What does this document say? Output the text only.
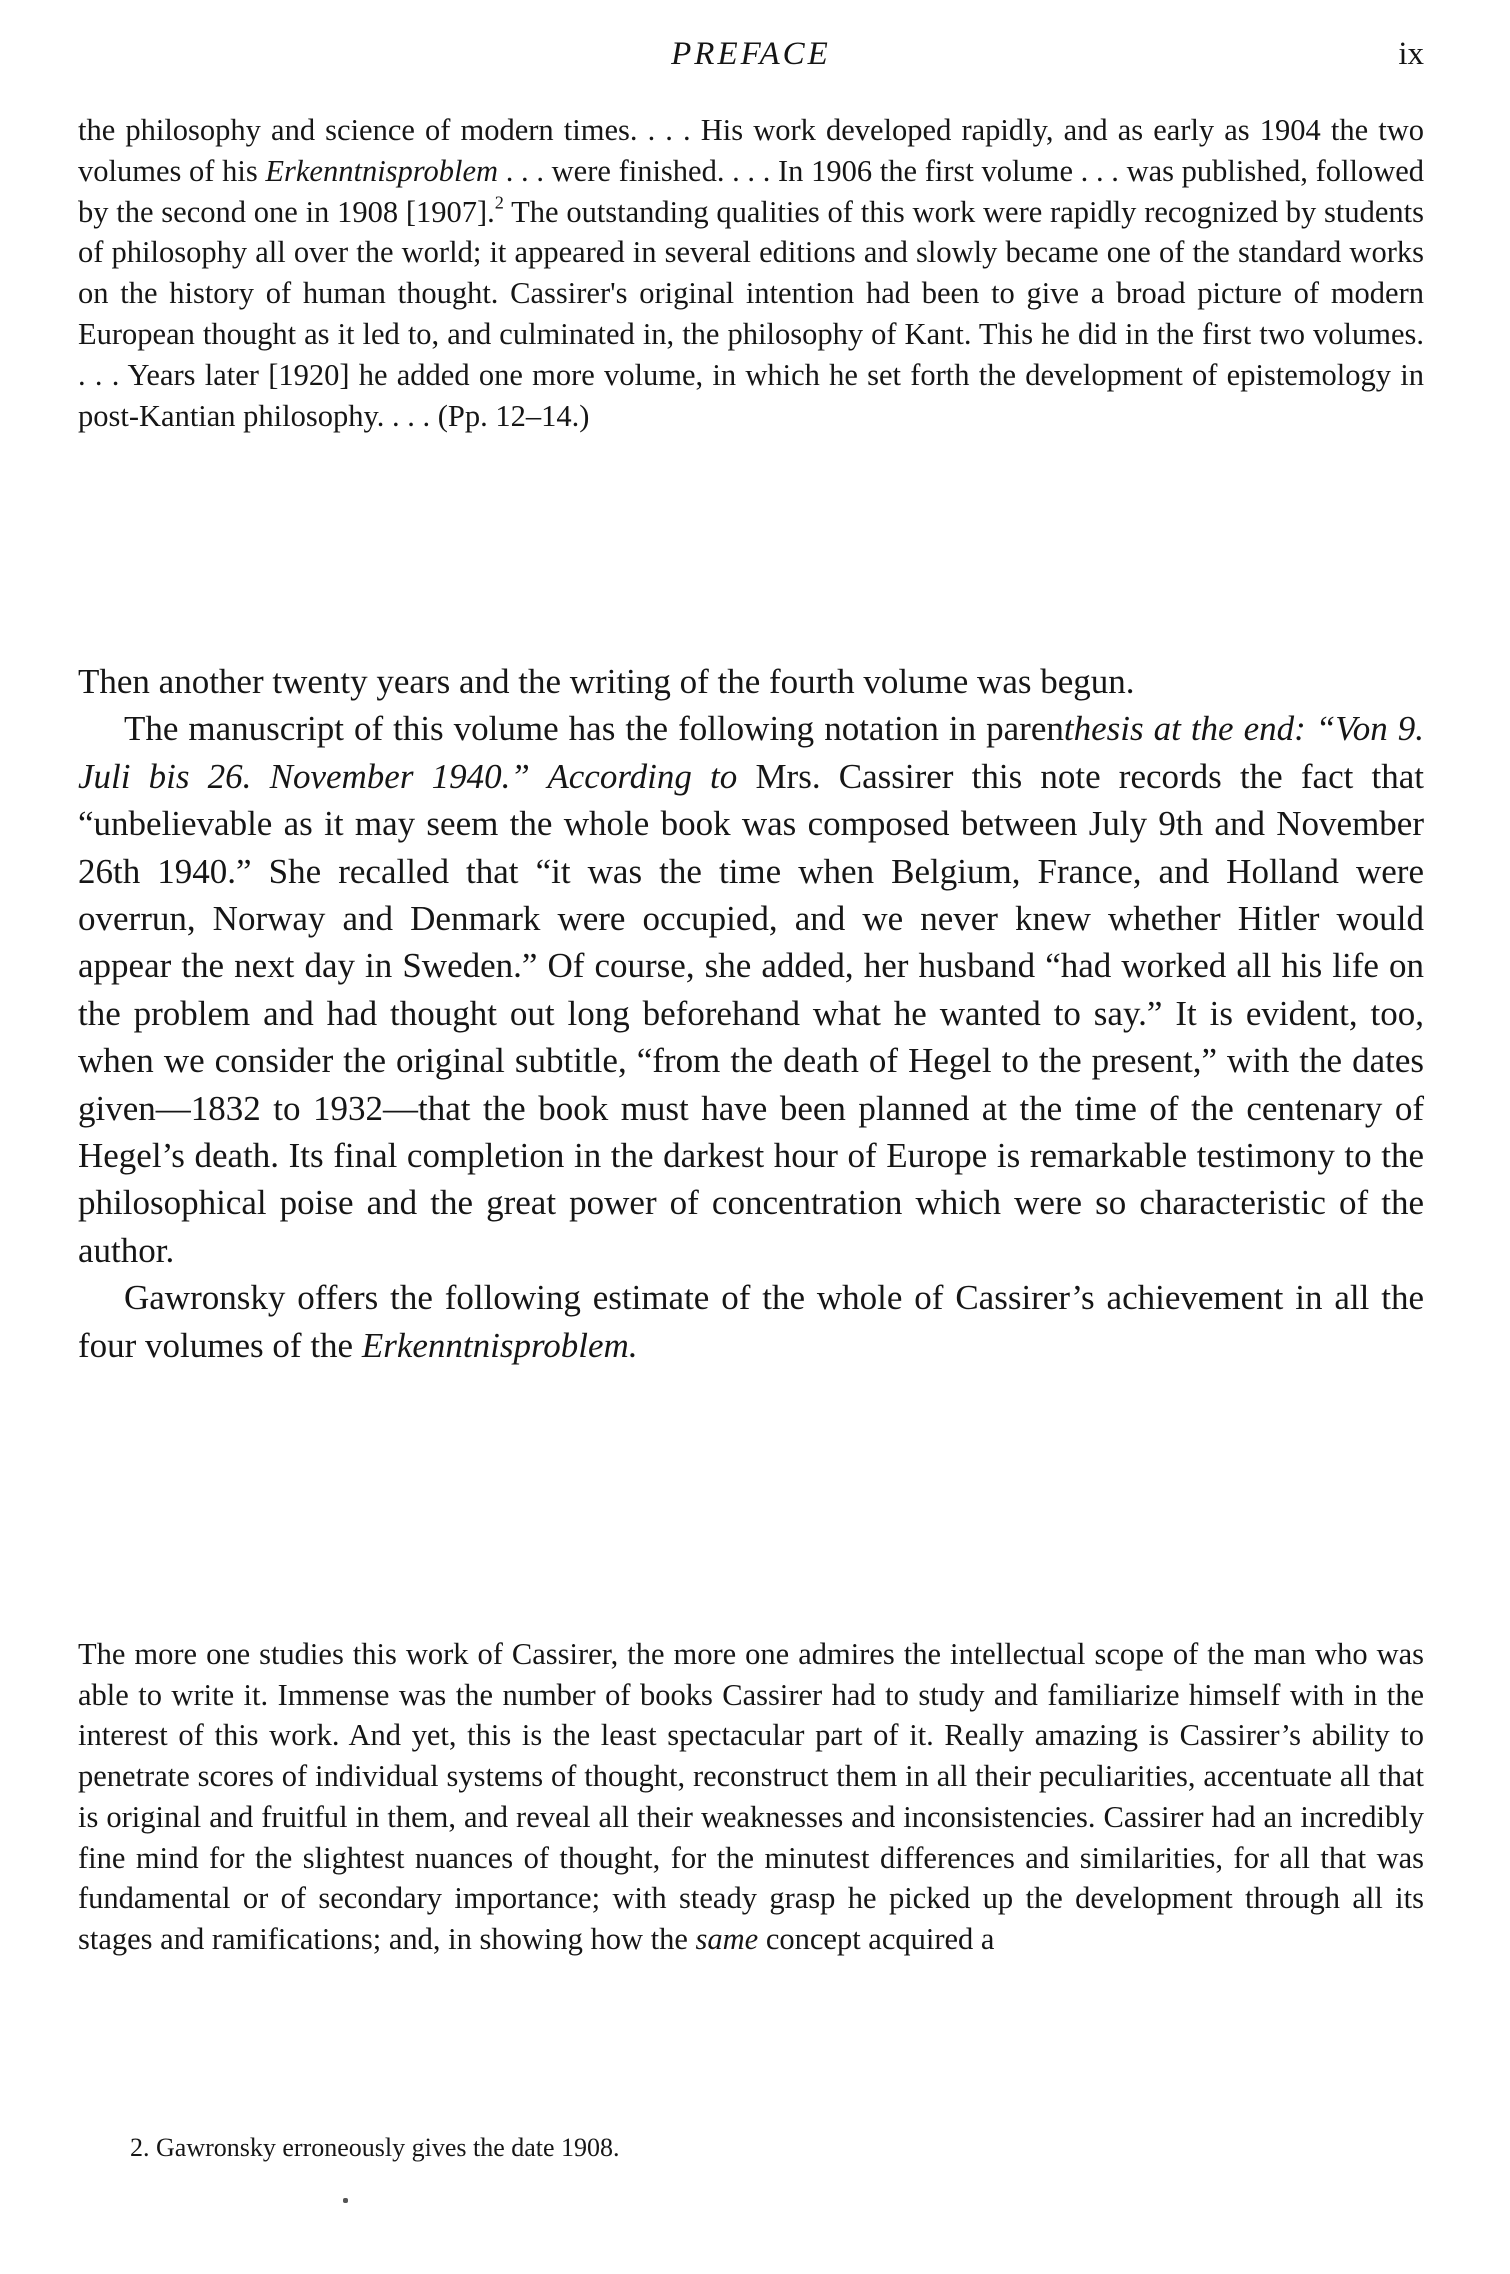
PREFACE	ix

the philosophy and science of modern times. . . . His work developed rapidly, and as early as 1904 the two volumes of his Erkenntnisproblem . . . were finished. . . . In 1906 the first volume . . . was published, followed by the second one in 1908 [1907].$^2$ The outstanding qualities of this work were rapidly recognized by students of philosophy all over the world; it appeared in several editions and slowly became one of the standard works on the history of human thought. Cassirer's original intention had been to give a broad picture of modern European thought as it led to, and culminated in, the philosophy of Kant. This he did in the first two volumes. . . . Years later [1920] he added one more volume, in which he set forth the development of epistemology in post-Kantian philosophy. . . . (Pp. 12–14.)

Then another twenty years and the writing of the fourth volume was begun.

The manuscript of this volume has the following notation in parenthesis at the end: “Von 9. Juli bis 26. November 1940.” According to Mrs. Cassirer this note records the fact that “unbelievable as it may seem the whole book was composed between July 9th and November 26th 1940.” She recalled that “it was the time when Belgium, France, and Holland were overrun, Norway and Denmark were occupied, and we never knew whether Hitler would appear the next day in Sweden.” Of course, she added, her husband “had worked all his life on the problem and had thought out long beforehand what he wanted to say.” It is evident, too, when we consider the original subtitle, “from the death of Hegel to the present,” with the dates given—1832 to 1932—that the book must have been planned at the time of the centenary of Hegel’s death. Its final completion in the darkest hour of Europe is remarkable testimony to the philosophical poise and the great power of concentration which were so characteristic of the author.

Gawronsky offers the following estimate of the whole of Cassirer’s achievement in all the four volumes of the Erkenntnisproblem.

The more one studies this work of Cassirer, the more one admires the intellectual scope of the man who was able to write it. Immense was the number of books Cassirer had to study and familiarize himself with in the interest of this work. And yet, this is the least spectacular part of it. Really amazing is Cassirer’s ability to penetrate scores of individual systems of thought, reconstruct them in all their peculiarities, accentuate all that is original and fruitful in them, and reveal all their weaknesses and inconsistencies. Cassirer had an incredibly fine mind for the slightest nuances of thought, for the minutest differences and similarities, for all that was fundamental or of secondary importance; with steady grasp he picked up the development through all its stages and ramifications; and, in showing how the same concept acquired a

2. Gawronsky erroneously gives the date 1908.
